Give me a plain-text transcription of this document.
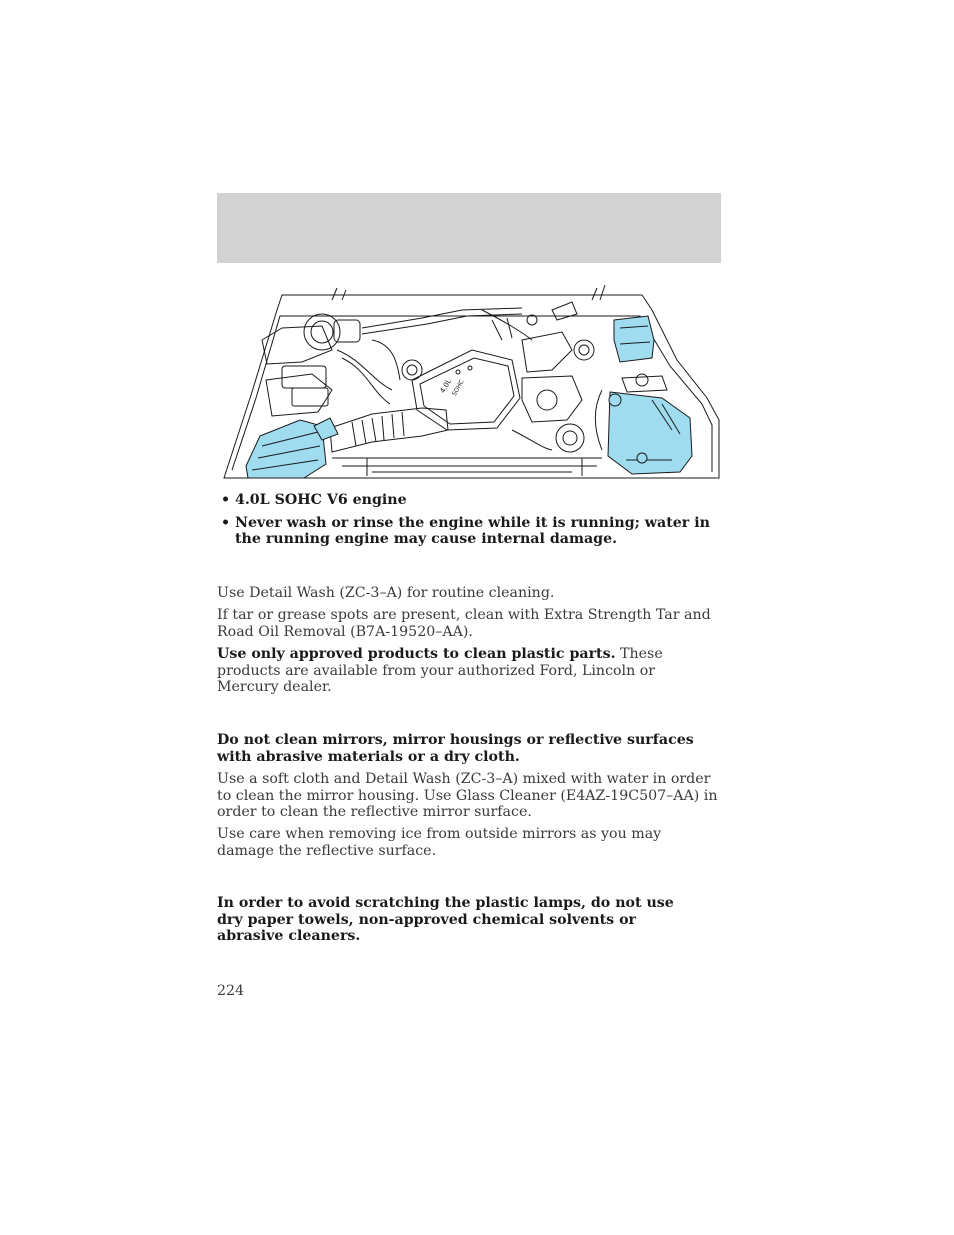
4.0L
SOHC
• 4.0L SOHC V6 engine
• Never wash or rinse the engine while it is running; water in the running engine may cause internal damage.
Use Detail Wash (ZC-3–A) for routine cleaning.
If tar or grease spots are present, clean with Extra Strength Tar and Road Oil Removal (B7A-19520–AA).
Use only approved products to clean plastic parts. These products are available from your authorized Ford, Lincoln or Mercury dealer.
Do not clean mirrors, mirror housings or reflective surfaces with abrasive materials or a dry cloth.
Use a soft cloth and Detail Wash (ZC-3–A) mixed with water in order to clean the mirror housing. Use Glass Cleaner (E4AZ-19C507–AA) in order to clean the reflective mirror surface.
Use care when removing ice from outside mirrors as you may damage the reflective surface.
In order to avoid scratching the plastic lamps, do not use dry paper towels, non-approved chemical solvents or abrasive cleaners.
224
